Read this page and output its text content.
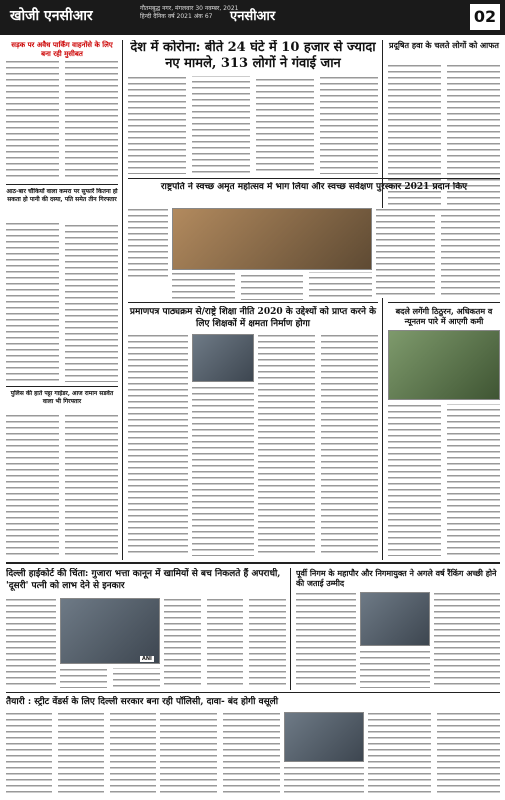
खोजी एनसीआर	गौतमबुद्ध नगर, मंगलवार 30 नवम्बर, 2021
हिन्दी दैनिक वर्ष 2021 अंक 67	एनसीआर	02
सड़क पर अवैध पार्किंग वाहनोंसे के लिए बना रही मुसीबत
आठ-बार चौकियों वाला कमरा पर सुफारें कितना हो सकता हो पानी की दस्या, पति समेत तीन गिरफ्तार
पुलिस की हाते पट्टा गाईडर, आज रामान सडवेत वाला भी गिरफ्तार
देश में कोरोना: बीते 24 घंटे में 10 हजार से ज्यादा नए मामले, 313 लोगों ने गंवाई जान
प्रदूषित हवा के चलते लोगों को आफत
राष्ट्रपति ने स्वच्छ अमृत महोत्सव में भाग लिया और स्वच्छ सर्वेक्षण पुरस्कार 2021 प्रदान किए
प्रमाणपत्र पाठ्यक्रम से/राष्ट्रे शिक्षा नीति 2020 के उद्देश्यों को प्राप्त करने के लिए शिक्षकों में क्षमता निर्माण होगा
बदले लगेंगी ठिठुरन, अधिकतम व न्यूनतम पारे में आएगी कमी
दिल्ली हाईकोर्ट की चिंता: गुजारा भत्ता कानून में खामियों से बच निकलते हैं अपराधी, 'दूसरी' पत्नी को लाभ देने से इनकार
ANI
पूर्वी निगम के महापौर और निगमायुक्त ने अगले वर्ष रैंकिंग अच्छी होने की जताई उम्मीद
तैयारी : स्ट्रीट वेंडर्स के लिए दिल्ली सरकार बना रही पॉलिसी, दावा- बंद होगी वसूली
